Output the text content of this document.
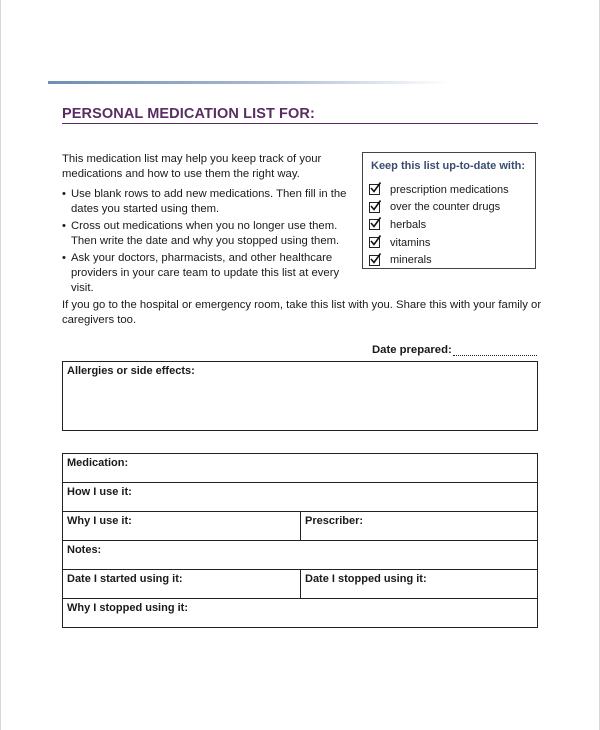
PERSONAL MEDICATION LIST FOR:
This medication list may help you keep track of your medications and how to use them the right way.
• Use blank rows to add new medications. Then fill in the dates you started using them.
• Cross out medications when you no longer use them. Then write the date and why you stopped using them.
• Ask your doctors, pharmacists, and other healthcare providers in your care team to update this list at every visit.
Keep this list up-to-date with:
prescription medications
over the counter drugs
herbals
vitamins
minerals
If you go to the hospital or emergency room, take this list with you. Share this with your family or caregivers too.
Date prepared:
Allergies or side effects:
Medication:
How I use it:
Why I use it:	Prescriber:
Notes:
Date I started using it:	Date I stopped using it:
Why I stopped using it:
